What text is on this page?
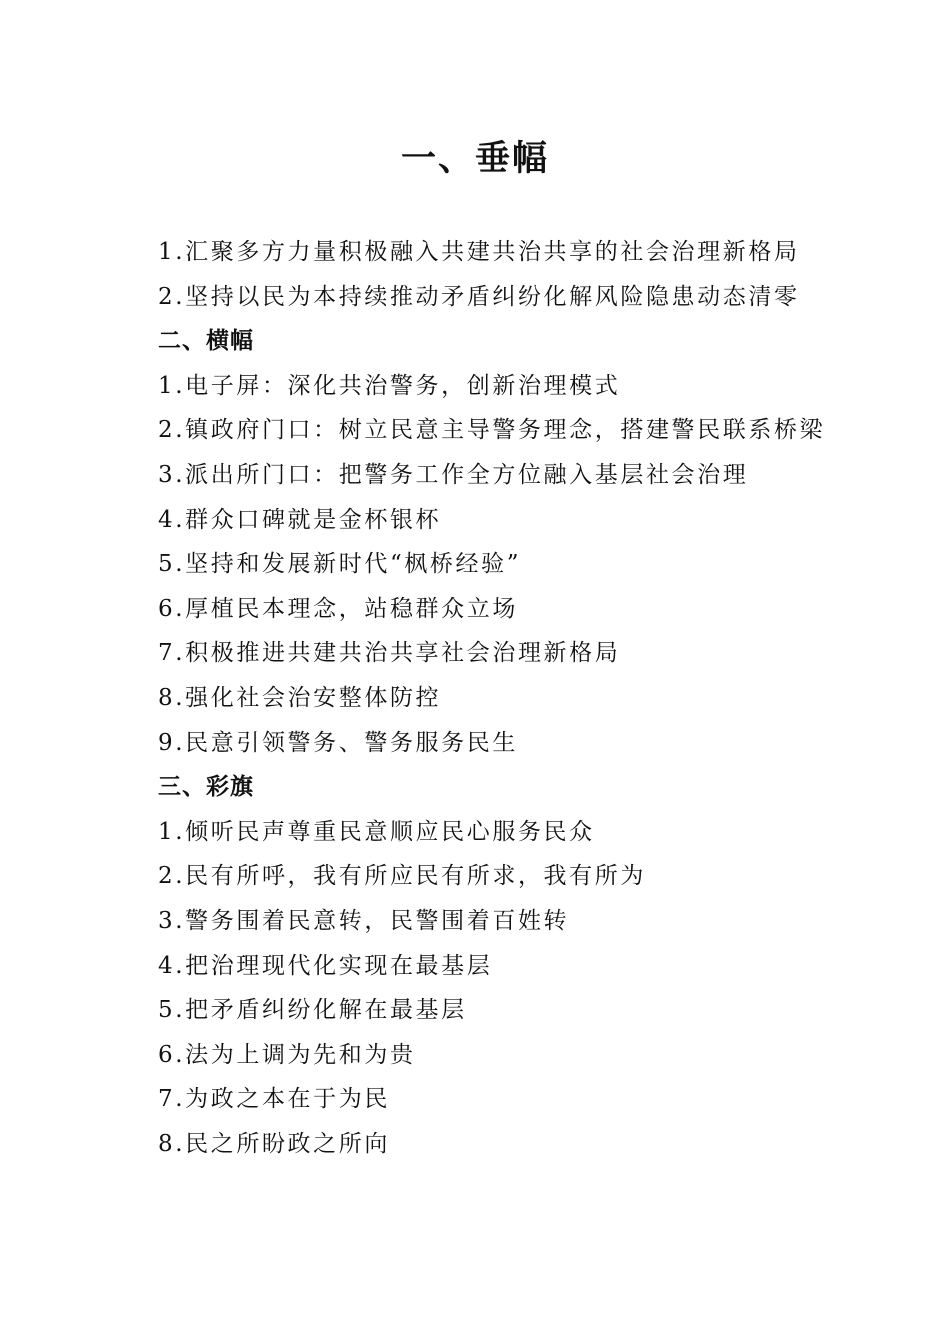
一、垂幅
1.汇聚多方力量积极融入共建共治共享的社会治理新格局
2.坚持以民为本持续推动矛盾纠纷化解风险隐患动态清零
二、横幅
1.电子屏：深化共治警务，创新治理模式
2.镇政府门口：树立民意主导警务理念，搭建警民联系桥梁
3.派出所门口：把警务工作全方位融入基层社会治理
4.群众口碑就是金杯银杯
5.坚持和发展新时代“枫桥经验”
6.厚植民本理念，站稳群众立场
7.积极推进共建共治共享社会治理新格局
8.强化社会治安整体防控
9.民意引领警务、警务服务民生
三、彩旗
1.倾听民声尊重民意顺应民心服务民众
2.民有所呼，我有所应民有所求，我有所为
3.警务围着民意转，民警围着百姓转
4.把治理现代化实现在最基层
5.把矛盾纠纷化解在最基层
6.法为上调为先和为贵
7.为政之本在于为民
8.民之所盼政之所向
